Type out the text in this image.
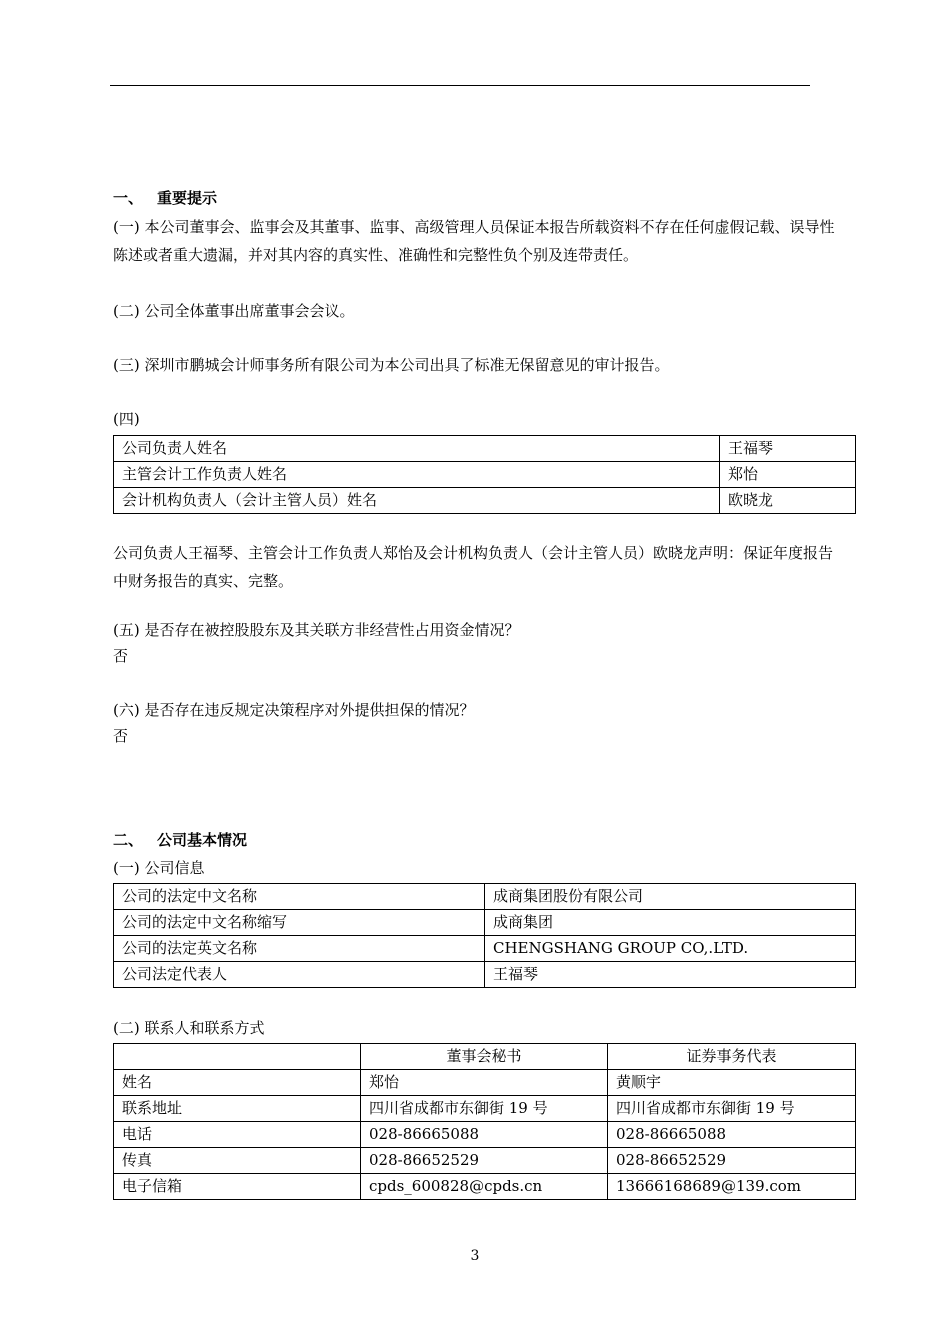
一、 重要提示
(一) 本公司董事会、监事会及其董事、监事、高级管理人员保证本报告所载资料不存在任何虚假记载、误导性陈述或者重大遗漏，并对其内容的真实性、准确性和完整性负个别及连带责任。
(二) 公司全体董事出席董事会会议。
(三) 深圳市鹏城会计师事务所有限公司为本公司出具了标准无保留意见的审计报告。
(四)
公司负责人姓名	王福琴
主管会计工作负责人姓名	郑怡
会计机构负责人（会计主管人员）姓名	欧晓龙
公司负责人王福琴、主管会计工作负责人郑怡及会计机构负责人（会计主管人员）欧晓龙声明：保证年度报告中财务报告的真实、完整。
(五) 是否存在被控股股东及其关联方非经营性占用资金情况？
否
(六) 是否存在违反规定决策程序对外提供担保的情况？
否
二、 公司基本情况
(一) 公司信息
公司的法定中文名称	成商集团股份有限公司
公司的法定中文名称缩写	成商集团
公司的法定英文名称	CHENGSHANG GROUP CO,.LTD.
公司法定代表人	王福琴
(二) 联系人和联系方式
	董事会秘书	证券事务代表
姓名	郑怡	黄顺宇
联系地址	四川省成都市东御街 19 号	四川省成都市东御街 19 号
电话	028-86665088	028-86665088
传真	028-86652529	028-86652529
电子信箱	cpds_600828@cpds.cn	13666168689@139.com
3
